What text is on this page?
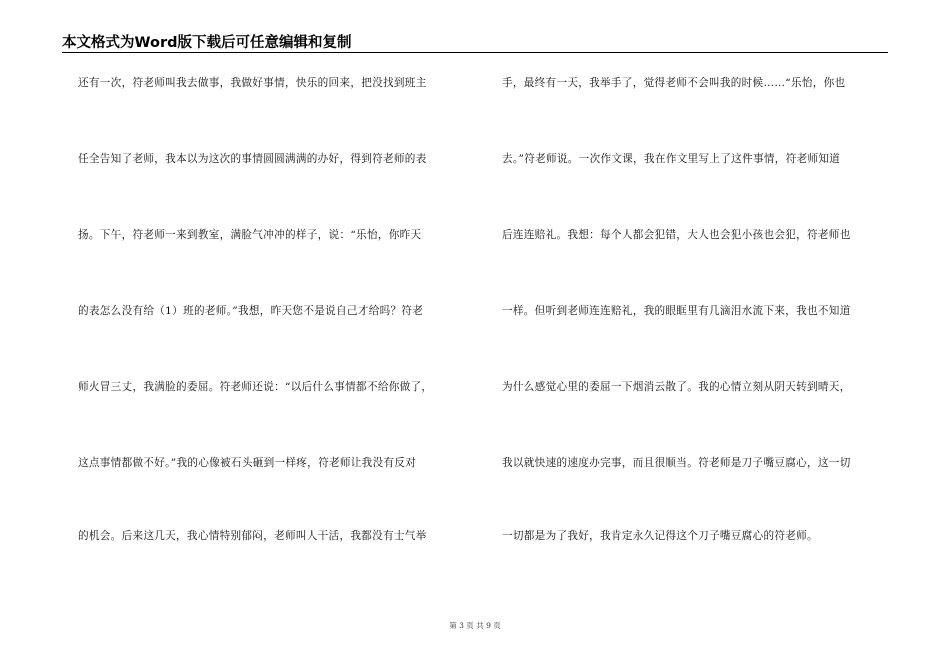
本文格式为Word版下载后可任意编辑和复制
还有一次，符老师叫我去做事，我做好事情，快乐的回来，把没找到班主
任全告知了老师，我本以为这次的事情圆圆满满的办好，得到符老师的表
扬。下午，符老师一来到教室，满脸气冲冲的样子，说：“乐怡，你昨天
的表怎么没有给（1）班的老师。”我想，昨天您不是说自己才给吗？符老
师火冒三丈，我满脸的委屈。符老师还说：“以后什么事情都不给你做了，
这点事情都做不好。”我的心像被石头砸到一样疼，符老师让我没有反对
的机会。后来这几天，我心情特别郁闷，老师叫人干活，我都没有士气举
手，最终有一天，我举手了，觉得老师不会叫我的时候……“乐怡，你也
去。”符老师说。一次作文课，我在作文里写上了这件事情，符老师知道
后连连赔礼。我想：每个人都会犯错，大人也会犯小孩也会犯，符老师也
一样。但听到老师连连赔礼，我的眼眶里有几滴泪水流下来，我也不知道
为什么感觉心里的委屈一下烟消云散了。我的心情立刻从阴天转到晴天，
我以就快速的速度办完事，而且很顺当。符老师是刀子嘴豆腐心，这一切
一切都是为了我好，我肯定永久记得这个刀子嘴豆腐心的符老师。
第 3 页 共 9 页
